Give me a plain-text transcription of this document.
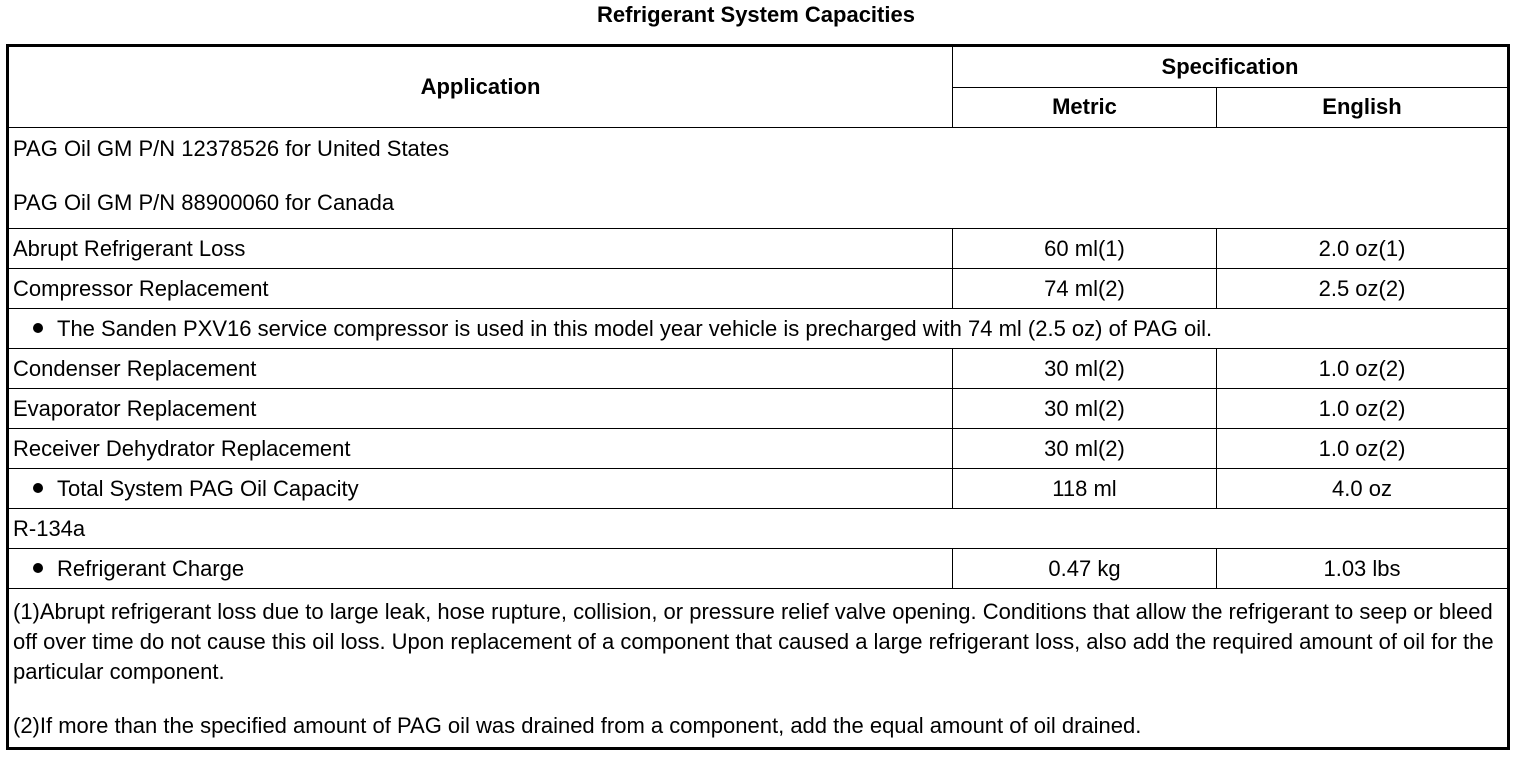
Refrigerant System Capacities
Application	Specification	
	Metric	English

PAG Oil GM P/N 12378526 for United States

PAG Oil GM P/N 88900060 for Canada		

Abrupt Refrigerant Loss	60 ml(1)	2.0 oz(1)
Compressor Replacement	74 ml(2)	2.5 oz(2)
The Sanden PXV16 service compressor is used in this model year vehicle is precharged with 74 ml (2.5 oz) of PAG oil.		
Condenser Replacement	30 ml(2)	1.0 oz(2)
Evaporator Replacement	30 ml(2)	1.0 oz(2)
Receiver Dehydrator Replacement	30 ml(2)	1.0 oz(2)
Total System PAG Oil Capacity	118 ml	4.0 oz
R-134a		
Refrigerant Charge	0.47 kg	1.03 lbs

(1)Abrupt refrigerant loss due to large leak, hose rupture, collision, or pressure relief valve opening. Conditions that allow the refrigerant to seep or bleed off over time do not cause this oil loss. Upon replacement of a component that caused a large refrigerant loss, also add the required amount of oil for the particular component.

(2)If more than the specified amount of PAG oil was drained from a component, add the equal amount of oil drained.		
